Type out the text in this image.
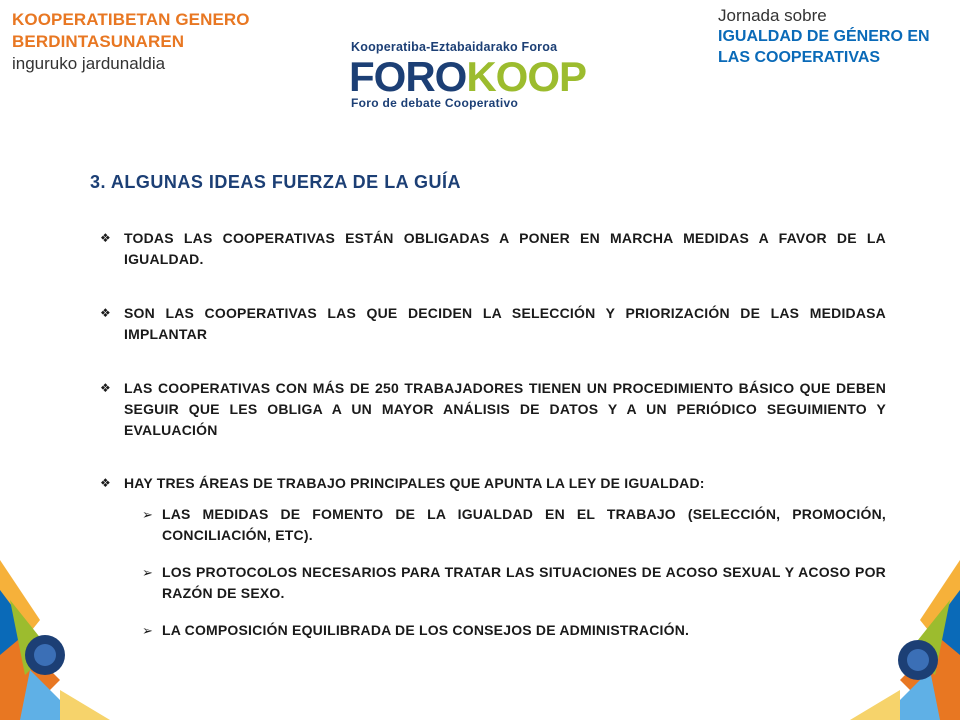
KOOPERATIBETAN GENERO
BERDINTASUNAREN
inguruko jardunaldia
Jornada sobre
IGUALDAD DE GÉNERO EN
LAS COOPERATIVAS
Kooperatiba-Eztabaidarako Foroa
FOROKOOP
Foro de debate Cooperativo
3. ALGUNAS IDEAS FUERZA DE LA GUÍA
❖ TODAS LAS COOPERATIVAS ESTÁN OBLIGADAS A PONER EN MARCHA MEDIDAS A FAVOR DE LA IGUALDAD.
❖ SON LAS COOPERATIVAS LAS QUE DECIDEN LA SELECCIÓN Y PRIORIZACIÓN DE LAS MEDIDASA IMPLANTAR
❖ LAS COOPERATIVAS CON MÁS DE 250 TRABAJADORES TIENEN UN PROCEDIMIENTO BÁSICO QUE DEBEN SEGUIR QUE LES OBLIGA A UN MAYOR ANÁLISIS DE DATOS Y A UN PERIÓDICO SEGUIMIENTO Y EVALUACIÓN
❖ HAY TRES ÁREAS DE TRABAJO PRINCIPALES QUE APUNTA LA LEY DE IGUALDAD:
➢ LAS MEDIDAS DE FOMENTO DE LA IGUALDAD EN EL TRABAJO (SELECCIÓN, PROMOCIÓN, CONCILIACIÓN, ETC).
➢ LOS PROTOCOLOS NECESARIOS PARA TRATAR LAS SITUACIONES DE ACOSO SEXUAL Y ACOSO POR RAZÓN DE SEXO.
➢ LA COMPOSICIÓN EQUILIBRADA DE LOS CONSEJOS DE ADMINISTRACIÓN.
